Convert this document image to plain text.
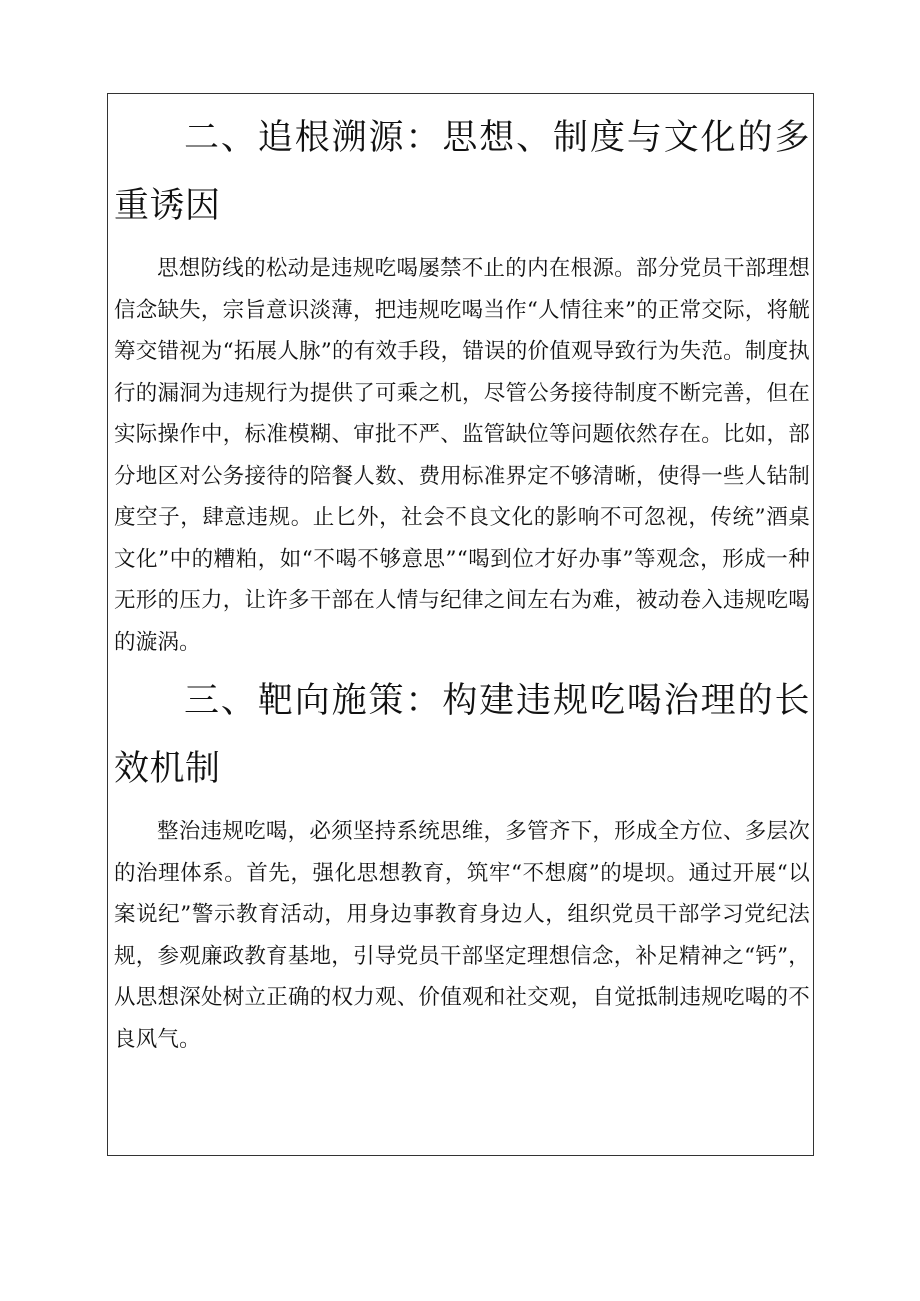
二、追根溯源：思想、制度与文化的多重诱因

思想防线的松动是违规吃喝屡禁不止的内在根源。部分党员干部理想信念缺失，宗旨意识淡薄，把违规吃喝当作“人情往来”的正常交际，将觥筹交错视为“拓展人脉”的有效手段，错误的价值观导致行为失范。制度执行的漏洞为违规行为提供了可乘之机，尽管公务接待制度不断完善，但在实际操作中，标准模糊、审批不严、监管缺位等问题依然存在。比如，部分地区对公务接待的陪餐人数、费用标准界定不够清晰，使得一些人钻制度空子，肆意违规。止匕外，社会不良文化的影响不可忽视，传统”酒桌文化”中的糟粕，如“不喝不够意思”“喝到位才好办事”等观念，形成一种无形的压力，让许多干部在人情与纪律之间左右为难，被动卷入违规吃喝的漩涡。

三、靶向施策：构建违规吃喝治理的长效机制

整治违规吃喝，必须坚持系统思维，多管齐下，形成全方位、多层次的治理体系。首先，强化思想教育，筑牢“不想腐”的堤坝。通过开展“以案说纪”警示教育活动，用身边事教育身边人，组织党员干部学习党纪法规，参观廉政教育基地，引导党员干部坚定理想信念，补足精神之“钙”，从思想深处树立正确的权力观、价值观和社交观，自觉抵制违规吃喝的不良风气。
